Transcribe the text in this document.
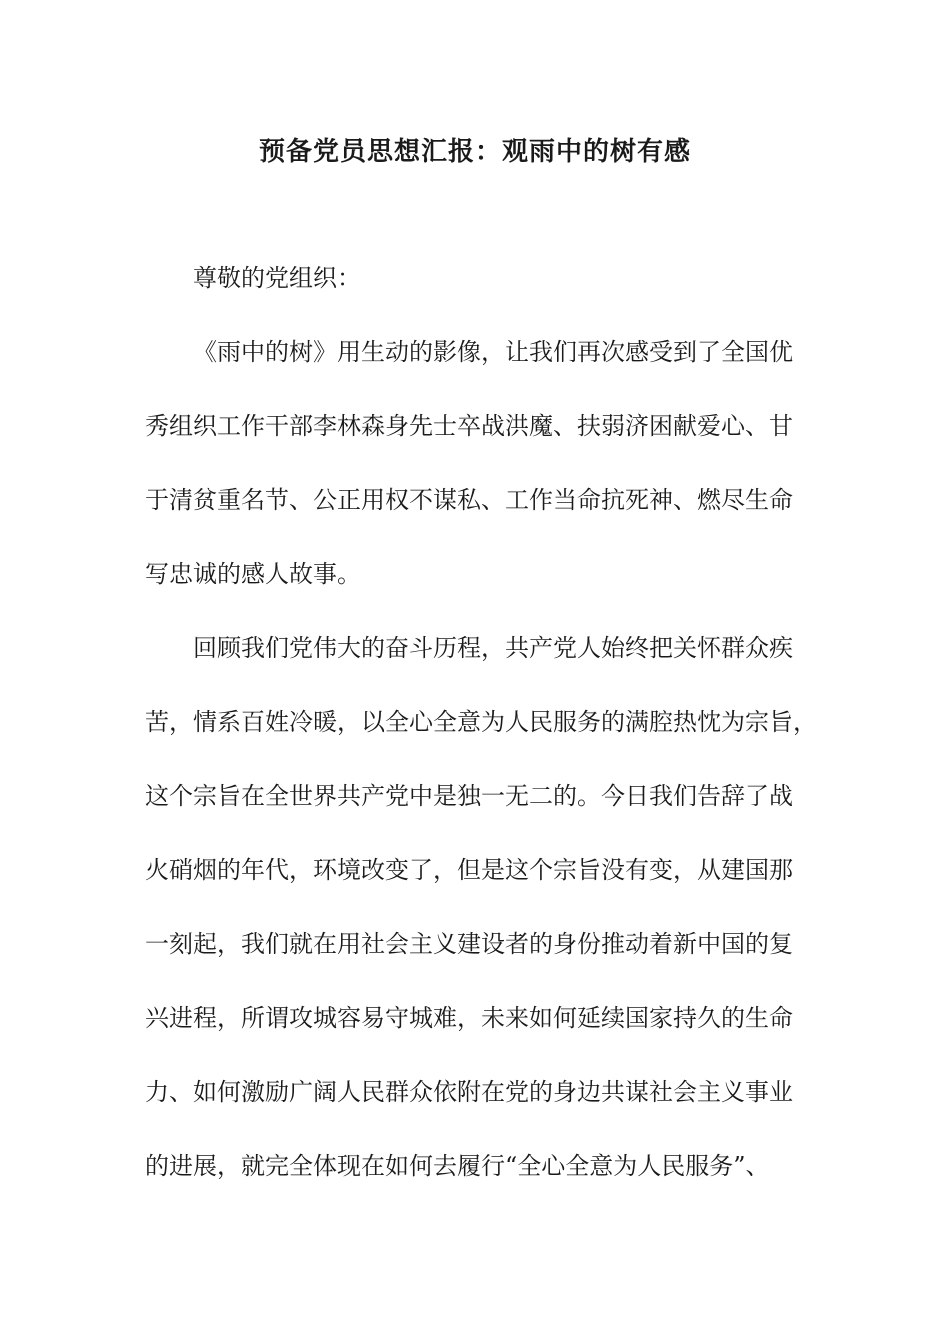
预备党员思想汇报：观雨中的树有感
尊敬的党组织：
《雨中的树》用生动的影像，让我们再次感受到了全国优
秀组织工作干部李林森身先士卒战洪魔、扶弱济困献爱心、甘
于清贫重名节、公正用权不谋私、工作当命抗死神、燃尽生命
写忠诚的感人故事。
回顾我们党伟大的奋斗历程，共产党人始终把关怀群众疾
苦，情系百姓冷暖，以全心全意为人民服务的满腔热忱为宗旨，
这个宗旨在全世界共产党中是独一无二的。今日我们告辞了战
火硝烟的年代，环境改变了，但是这个宗旨没有变，从建国那
一刻起，我们就在用社会主义建设者的身份推动着新中国的复
兴进程，所谓攻城容易守城难，未来如何延续国家持久的生命
力、如何激励广阔人民群众依附在党的身边共谋社会主义事业
的进展，就完全体现在如何去履行“全心全意为人民服务”、
